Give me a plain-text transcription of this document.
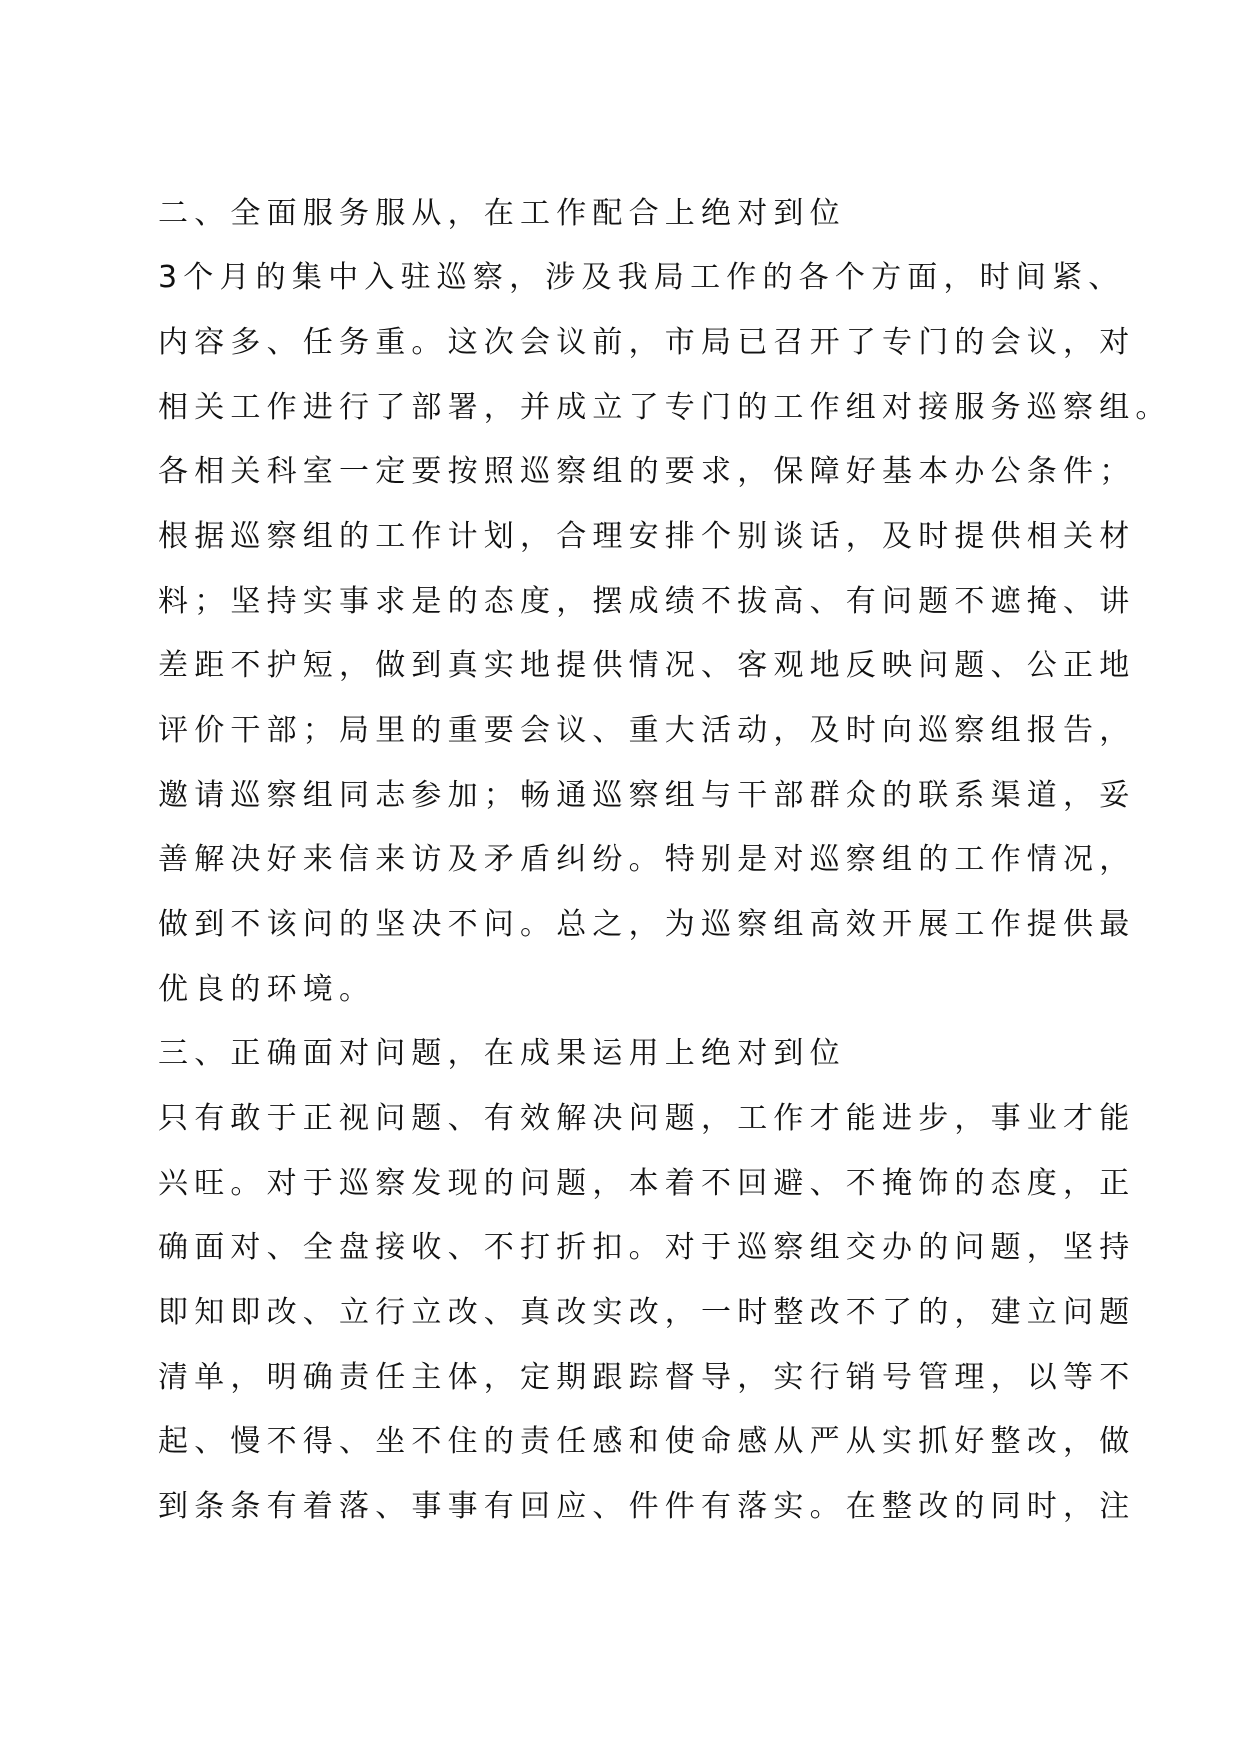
二、全面服务服从，在工作配合上绝对到位
3个月的集中入驻巡察，涉及我局工作的各个方面，时间紧、
内容多、任务重。这次会议前，市局已召开了专门的会议，对
相关工作进行了部署，并成立了专门的工作组对接服务巡察组。
各相关科室一定要按照巡察组的要求，保障好基本办公条件；
根据巡察组的工作计划，合理安排个别谈话，及时提供相关材
料；坚持实事求是的态度，摆成绩不拔高、有问题不遮掩、讲
差距不护短，做到真实地提供情况、客观地反映问题、公正地
评价干部；局里的重要会议、重大活动，及时向巡察组报告，
邀请巡察组同志参加；畅通巡察组与干部群众的联系渠道，妥
善解决好来信来访及矛盾纠纷。特别是对巡察组的工作情况，
做到不该问的坚决不问。总之，为巡察组高效开展工作提供最
优良的环境。
三、正确面对问题，在成果运用上绝对到位
只有敢于正视问题、有效解决问题，工作才能进步，事业才能
兴旺。对于巡察发现的问题，本着不回避、不掩饰的态度，正
确面对、全盘接收、不打折扣。对于巡察组交办的问题，坚持
即知即改、立行立改、真改实改，一时整改不了的，建立问题
清单，明确责任主体，定期跟踪督导，实行销号管理，以等不
起、慢不得、坐不住的责任感和使命感从严从实抓好整改，做
到条条有着落、事事有回应、件件有落实。在整改的同时，注
